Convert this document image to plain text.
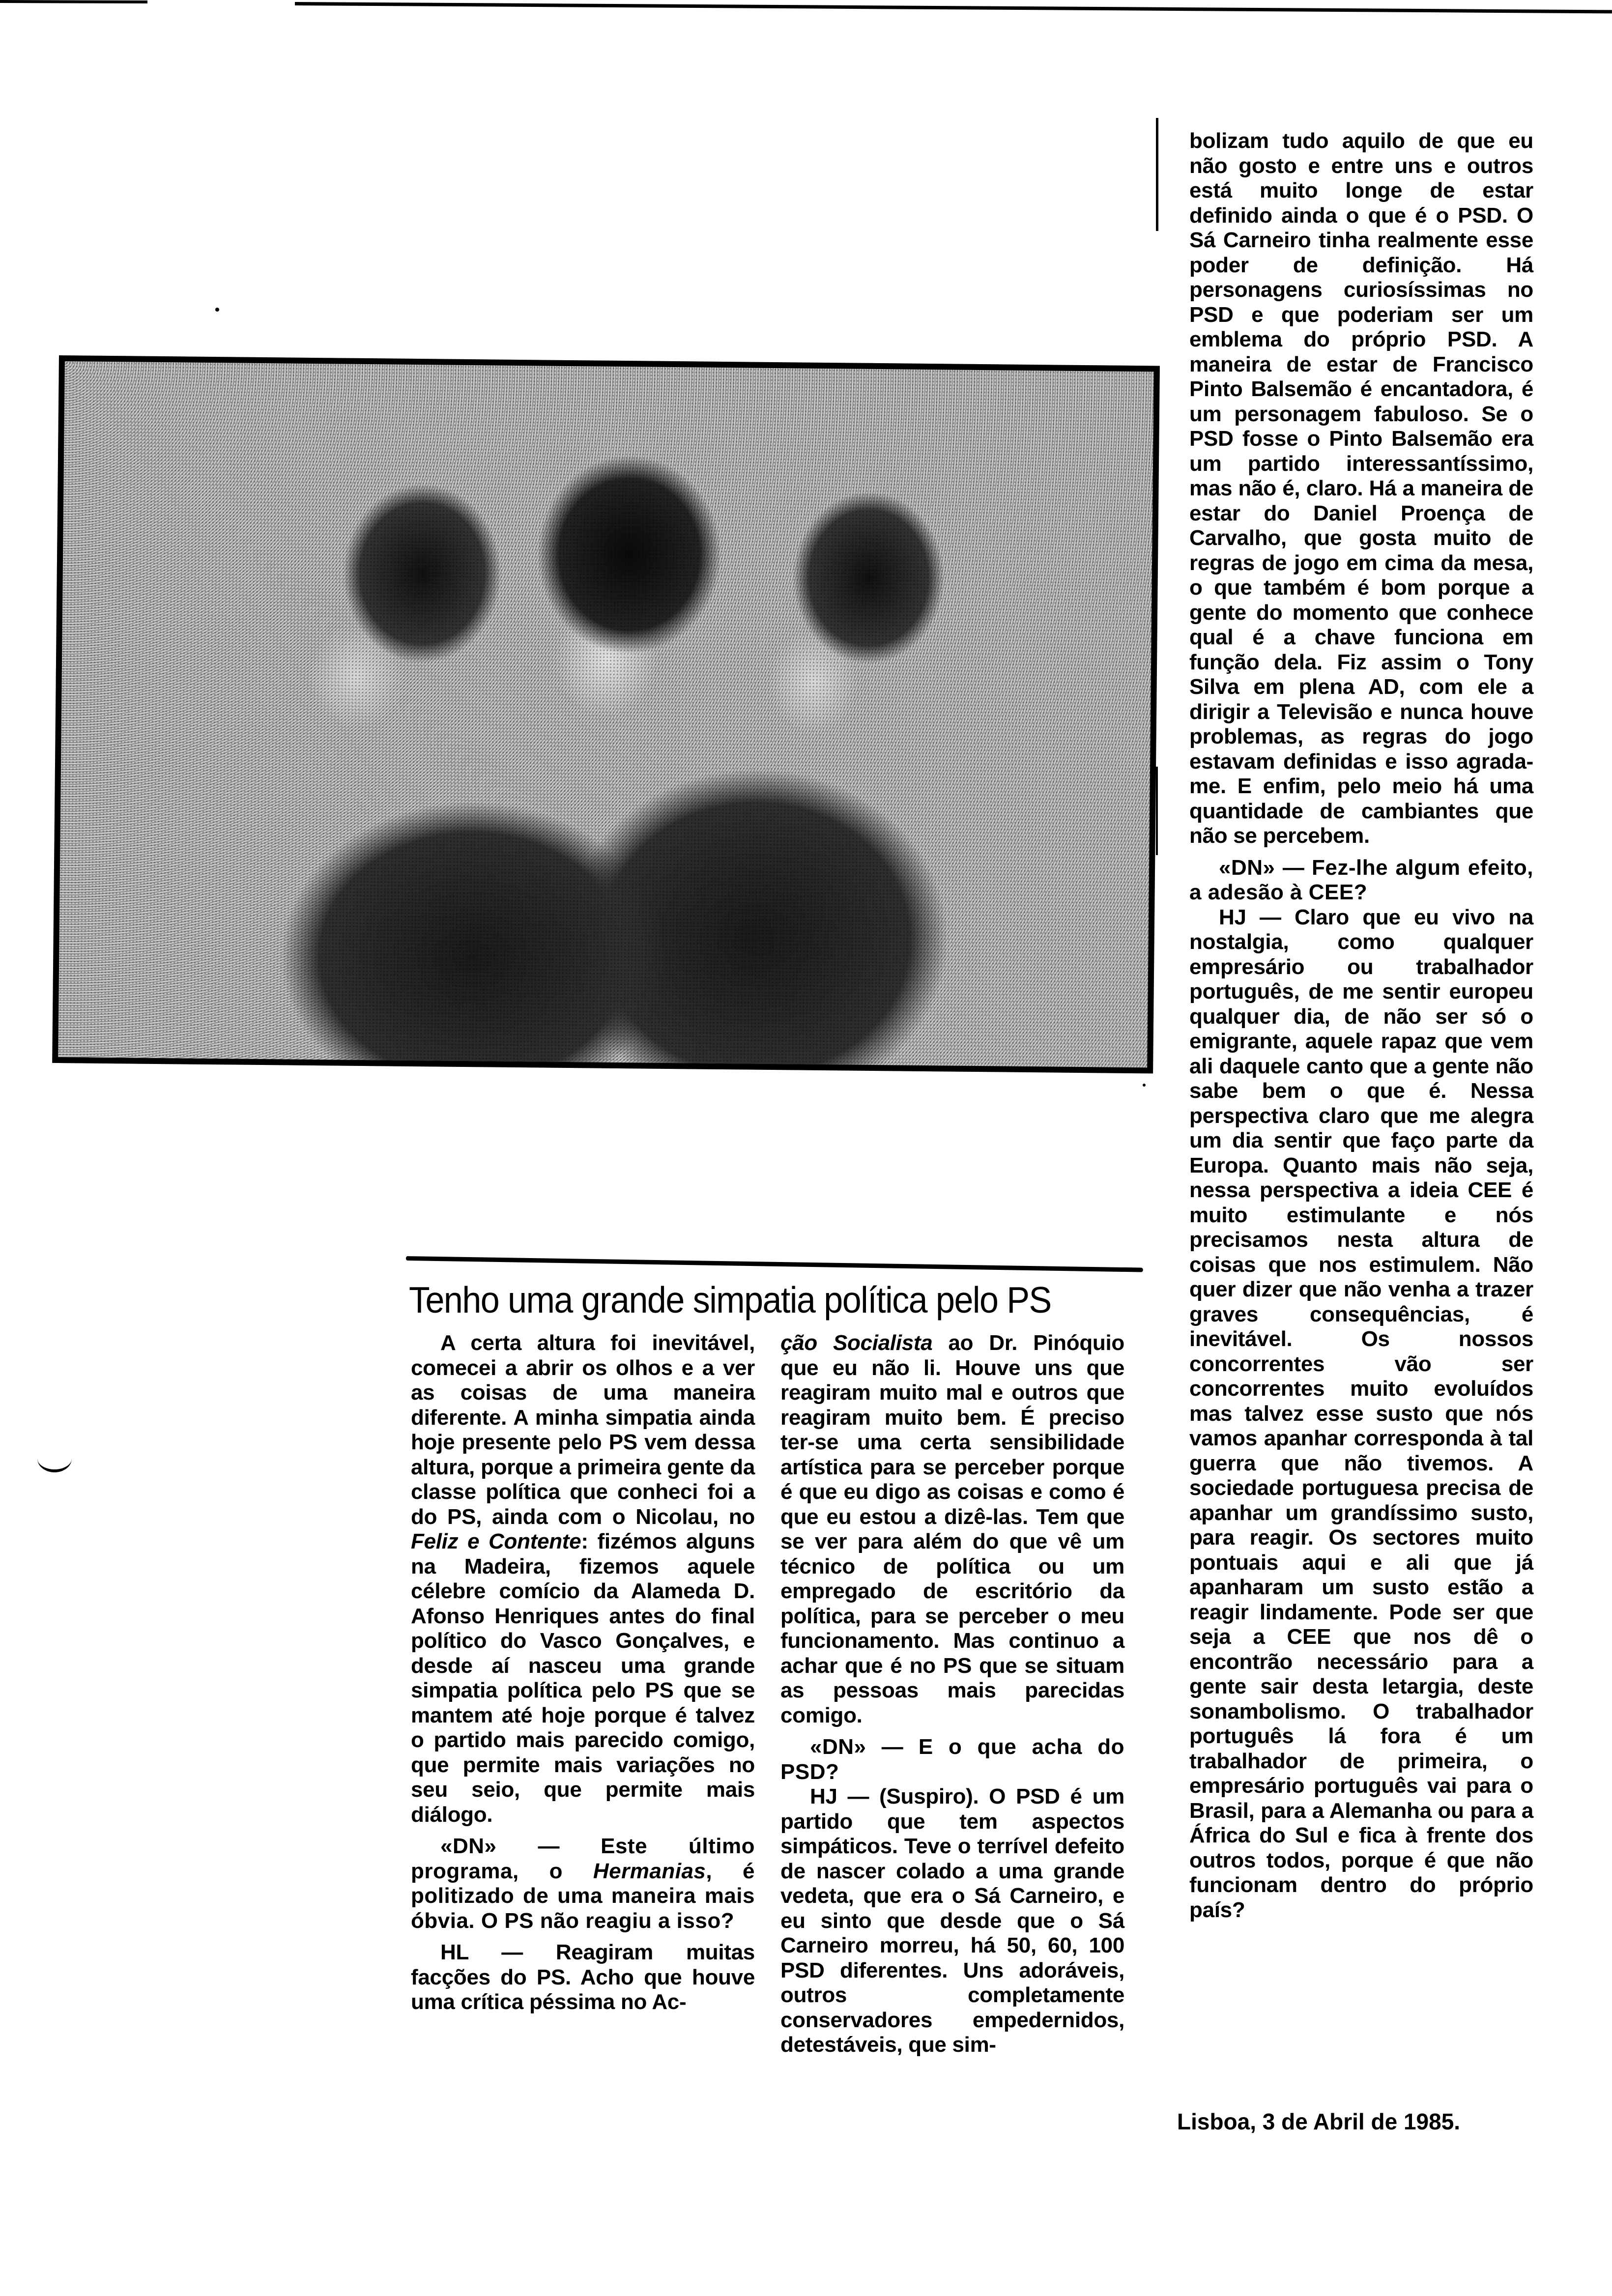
bolizam tudo aquilo de que eu não gosto e entre uns e outros está muito longe de estar definido ainda o que é o PSD. O Sá Carneiro tinha realmente esse poder de definição. Há personagens curiosíssimas no PSD e que poderiam ser um emblema do próprio PSD. A maneira de estar de Francisco Pinto Balsemão é encantadora, é um personagem fabuloso. Se o PSD fosse o Pinto Balsemão era um partido interessantíssimo, mas não é, claro. Há a maneira de estar do Daniel Proença de Carvalho, que gosta muito de regras de jogo em cima da mesa, o que também é bom porque a gente do momento que conhece qual é a chave funciona em função dela. Fiz assim o Tony Silva em plena AD, com ele a dirigir a Televisão e nunca houve problemas, as regras do jogo estavam definidas e isso agrada-me. E enfim, pelo meio há uma quantidade de cambiantes que não se percebem.

«DN» — Fez-lhe algum efeito, a adesão à CEE?

HJ — Claro que eu vivo na nostalgia, como qualquer empresário ou trabalhador português, de me sentir europeu qualquer dia, de não ser só o emigrante, aquele rapaz que vem ali daquele canto que a gente não sabe bem o que é. Nessa perspectiva claro que me alegra um dia sentir que faço parte da Europa. Quanto mais não seja, nessa perspectiva a ideia CEE é muito estimulante e nós precisamos nesta altura de coisas que nos estimulem. Não quer dizer que não venha a trazer graves consequências, é inevitável. Os nossos concorrentes vão ser concorrentes muito evoluídos mas talvez esse susto que nós vamos apanhar corresponda à tal guerra que não tivemos. A sociedade portuguesa precisa de apanhar um grandíssimo susto, para reagir. Os sectores muito pontuais aqui e ali que já apanharam um susto estão a reagir lindamente. Pode ser que seja a CEE que nos dê o encontrão necessário para a gente sair desta letargia, deste sonambolismo. O trabalhador português lá fora é um trabalhador de primeira, o empresário português vai para o Brasil, para a Alemanha ou para a África do Sul e fica à frente dos outros todos, porque é que não funcionam dentro do próprio país?

Tenho uma grande simpatia política pelo PS

A certa altura foi inevitável, comecei a abrir os olhos e a ver as coisas de uma maneira diferente. A minha simpatia ainda hoje presente pelo PS vem dessa altura, porque a primeira gente da classe política que conheci foi a do PS, ainda com o Nicolau, no Feliz e Contente: fizémos alguns na Madeira, fizemos aquele célebre comício da Alameda D. Afonso Henriques antes do final político do Vasco Gonçalves, e desde aí nasceu uma grande simpatia política pelo PS que se mantem até hoje porque é talvez o partido mais parecido comigo, que permite mais variações no seu seio, que permite mais diálogo.

«DN» — Este último programa, o Hermanias, é politizado de uma maneira mais óbvia. O PS não reagiu a isso?

HL — Reagiram muitas facções do PS. Acho que houve uma crítica péssima no Ac-

ção Socialista ao Dr. Pinóquio que eu não li. Houve uns que reagiram muito mal e outros que reagiram muito bem. É preciso ter-se uma certa sensibilidade artística para se perceber porque é que eu digo as coisas e como é que eu estou a dizê-las. Tem que se ver para além do que vê um técnico de política ou um empregado de escritório da política, para se perceber o meu funcionamento. Mas continuo a achar que é no PS que se situam as pessoas mais parecidas comigo.

«DN» — E o que acha do PSD?

HJ — (Suspiro). O PSD é um partido que tem aspectos simpáticos. Teve o terrível defeito de nascer colado a uma grande vedeta, que era o Sá Carneiro, e eu sinto que desde que o Sá Carneiro morreu, há 50, 60, 100 PSD diferentes. Uns adoráveis, outros completamente conservadores empedernidos, detestáveis, que sim-

Lisboa, 3 de Abril de 1985.
